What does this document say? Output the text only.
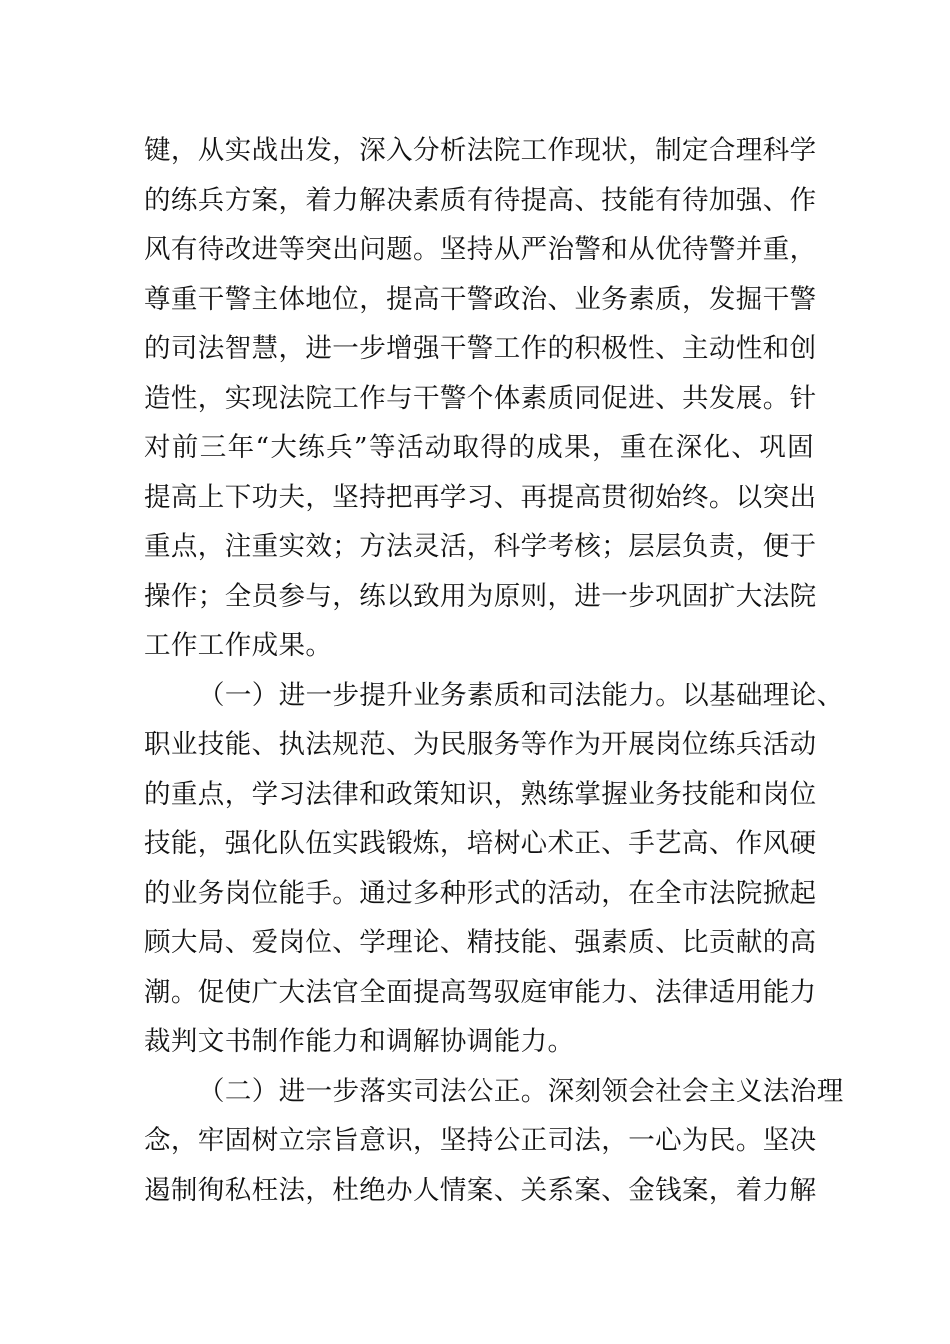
键，从实战出发，深入分析法院工作现状，制定合理科学
的练兵方案，着力解决素质有待提高、技能有待加强、作
风有待改进等突出问题。坚持从严治警和从优待警并重，
尊重干警主体地位，提高干警政治、业务素质，发掘干警
的司法智慧，进一步增强干警工作的积极性、主动性和创
造性，实现法院工作与干警个体素质同促进、共发展。针
对前三年“大练兵”等活动取得的成果，重在深化、巩固
提高上下功夫，坚持把再学习、再提高贯彻始终。以突出
重点，注重实效；方法灵活，科学考核；层层负责，便于
操作；全员参与，练以致用为原则，进一步巩固扩大法院
工作工作成果。
（一）进一步提升业务素质和司法能力。以基础理论、
职业技能、执法规范、为民服务等作为开展岗位练兵活动
的重点，学习法律和政策知识，熟练掌握业务技能和岗位
技能，强化队伍实践锻炼，培树心术正、手艺高、作风硬
的业务岗位能手。通过多种形式的活动，在全市法院掀起
顾大局、爱岗位、学理论、精技能、强素质、比贡献的高
潮。促使广大法官全面提高驾驭庭审能力、法律适用能力
裁判文书制作能力和调解协调能力。
（二）进一步落实司法公正。深刻领会社会主义法治理
念，牢固树立宗旨意识，坚持公正司法，一心为民。坚决
遏制徇私枉法，杜绝办人情案、关系案、金钱案，着力解
